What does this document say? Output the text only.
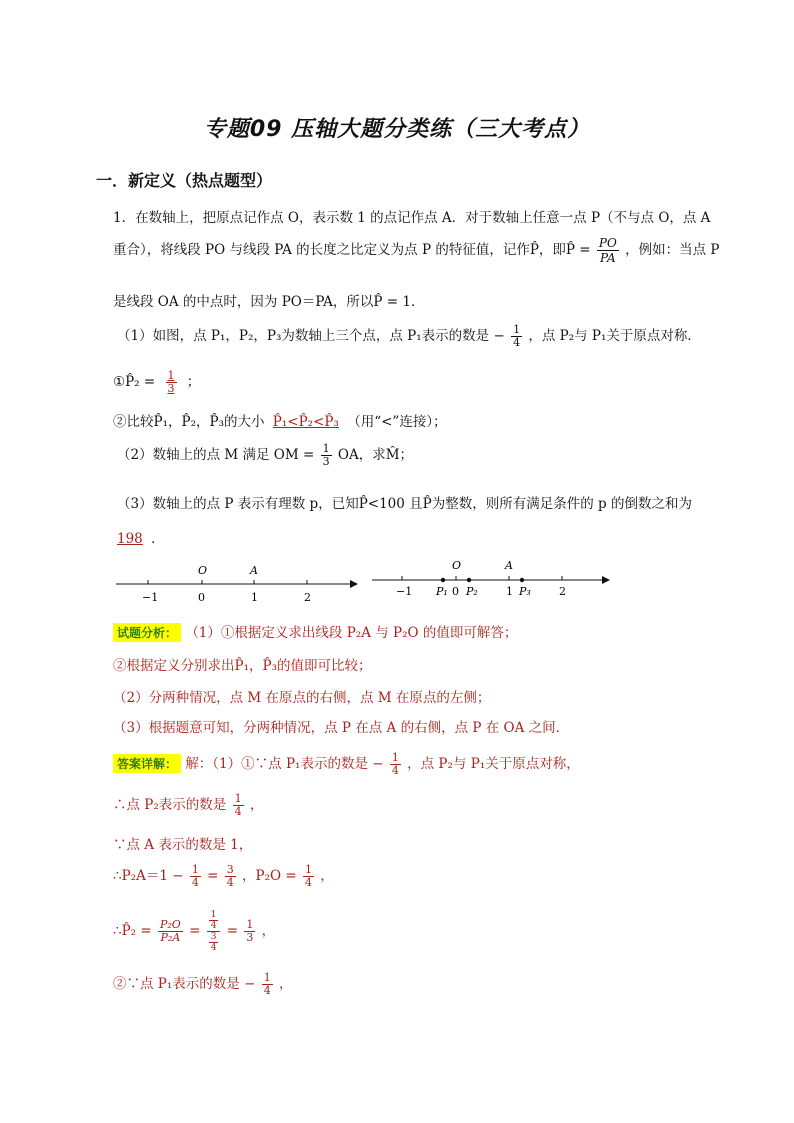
专题09 压轴大题分类练（三大考点）
一．新定义（热点题型）
1．在数轴上，把原点记作点 O，表示数 1 的点记作点 A．对于数轴上任意一点 P（不与点 O，点 A
重合），将线段 PO 与线段 PA 的长度之比定义为点 P 的特征值，记作P̂，即P̂ = $\frac{PO}{PA}$ ，例如：当点 P
是线段 OA 的中点时，因为 PO＝PA，所以P̂ = 1．
（1）如图，点 P₁，P₂，P₃为数轴上三个点，点 P₁表示的数是 − $\frac{1}{4}$ ，点 P₂与 P₁关于原点对称．
①P̂₂ = $\frac{1}{3}$ ；
②比较P̂₁，P̂₂，P̂₃的大小 P̂₁<P̂₂<P̂₃ （用“<”连接）；
（2）数轴上的点 M 满足 OM = $\frac{1}{3}$ OA，求M̂；
（3）数轴上的点 P 表示有理数 p，已知P̂<100 且P̂为整数，则所有满足条件的 p 的倒数之和为
198 ．
−1	0	1	2
O	A
−1	0	1	2
P₁ P₂	P₃
O	A
试题分析： （1）①根据定义求出线段 P₂A 与 P₂O 的值即可解答；
②根据定义分别求出P̂₁，P̂₃的值即可比较；
（2）分两种情况，点 M 在原点的右侧，点 M 在原点的左侧；
（3）根据题意可知，分两种情况，点 P 在点 A 的右侧，点 P 在 OA 之间．
答案详解： 解：（1）①∵点 P₁表示的数是 − $\frac{1}{4}$ ，点 P₂与 P₁关于原点对称，
∴点 P₂表示的数是 $\frac{1}{4}$ ，
∵点 A 表示的数是 1，
∴P₂A＝1 − $\frac{1}{4} = \frac{3}{4}$ ，$P_2O = \frac{1}{4}$ ，
∴P̂₂ = $\frac{\text{P₂O}}{\text{P₂A}} = \frac{\frac{1}{4}}{\frac{3}{4}} = \frac{1}{3}$ ，
②∵点 P₁表示的数是 − $\frac{1}{4}$ ，
